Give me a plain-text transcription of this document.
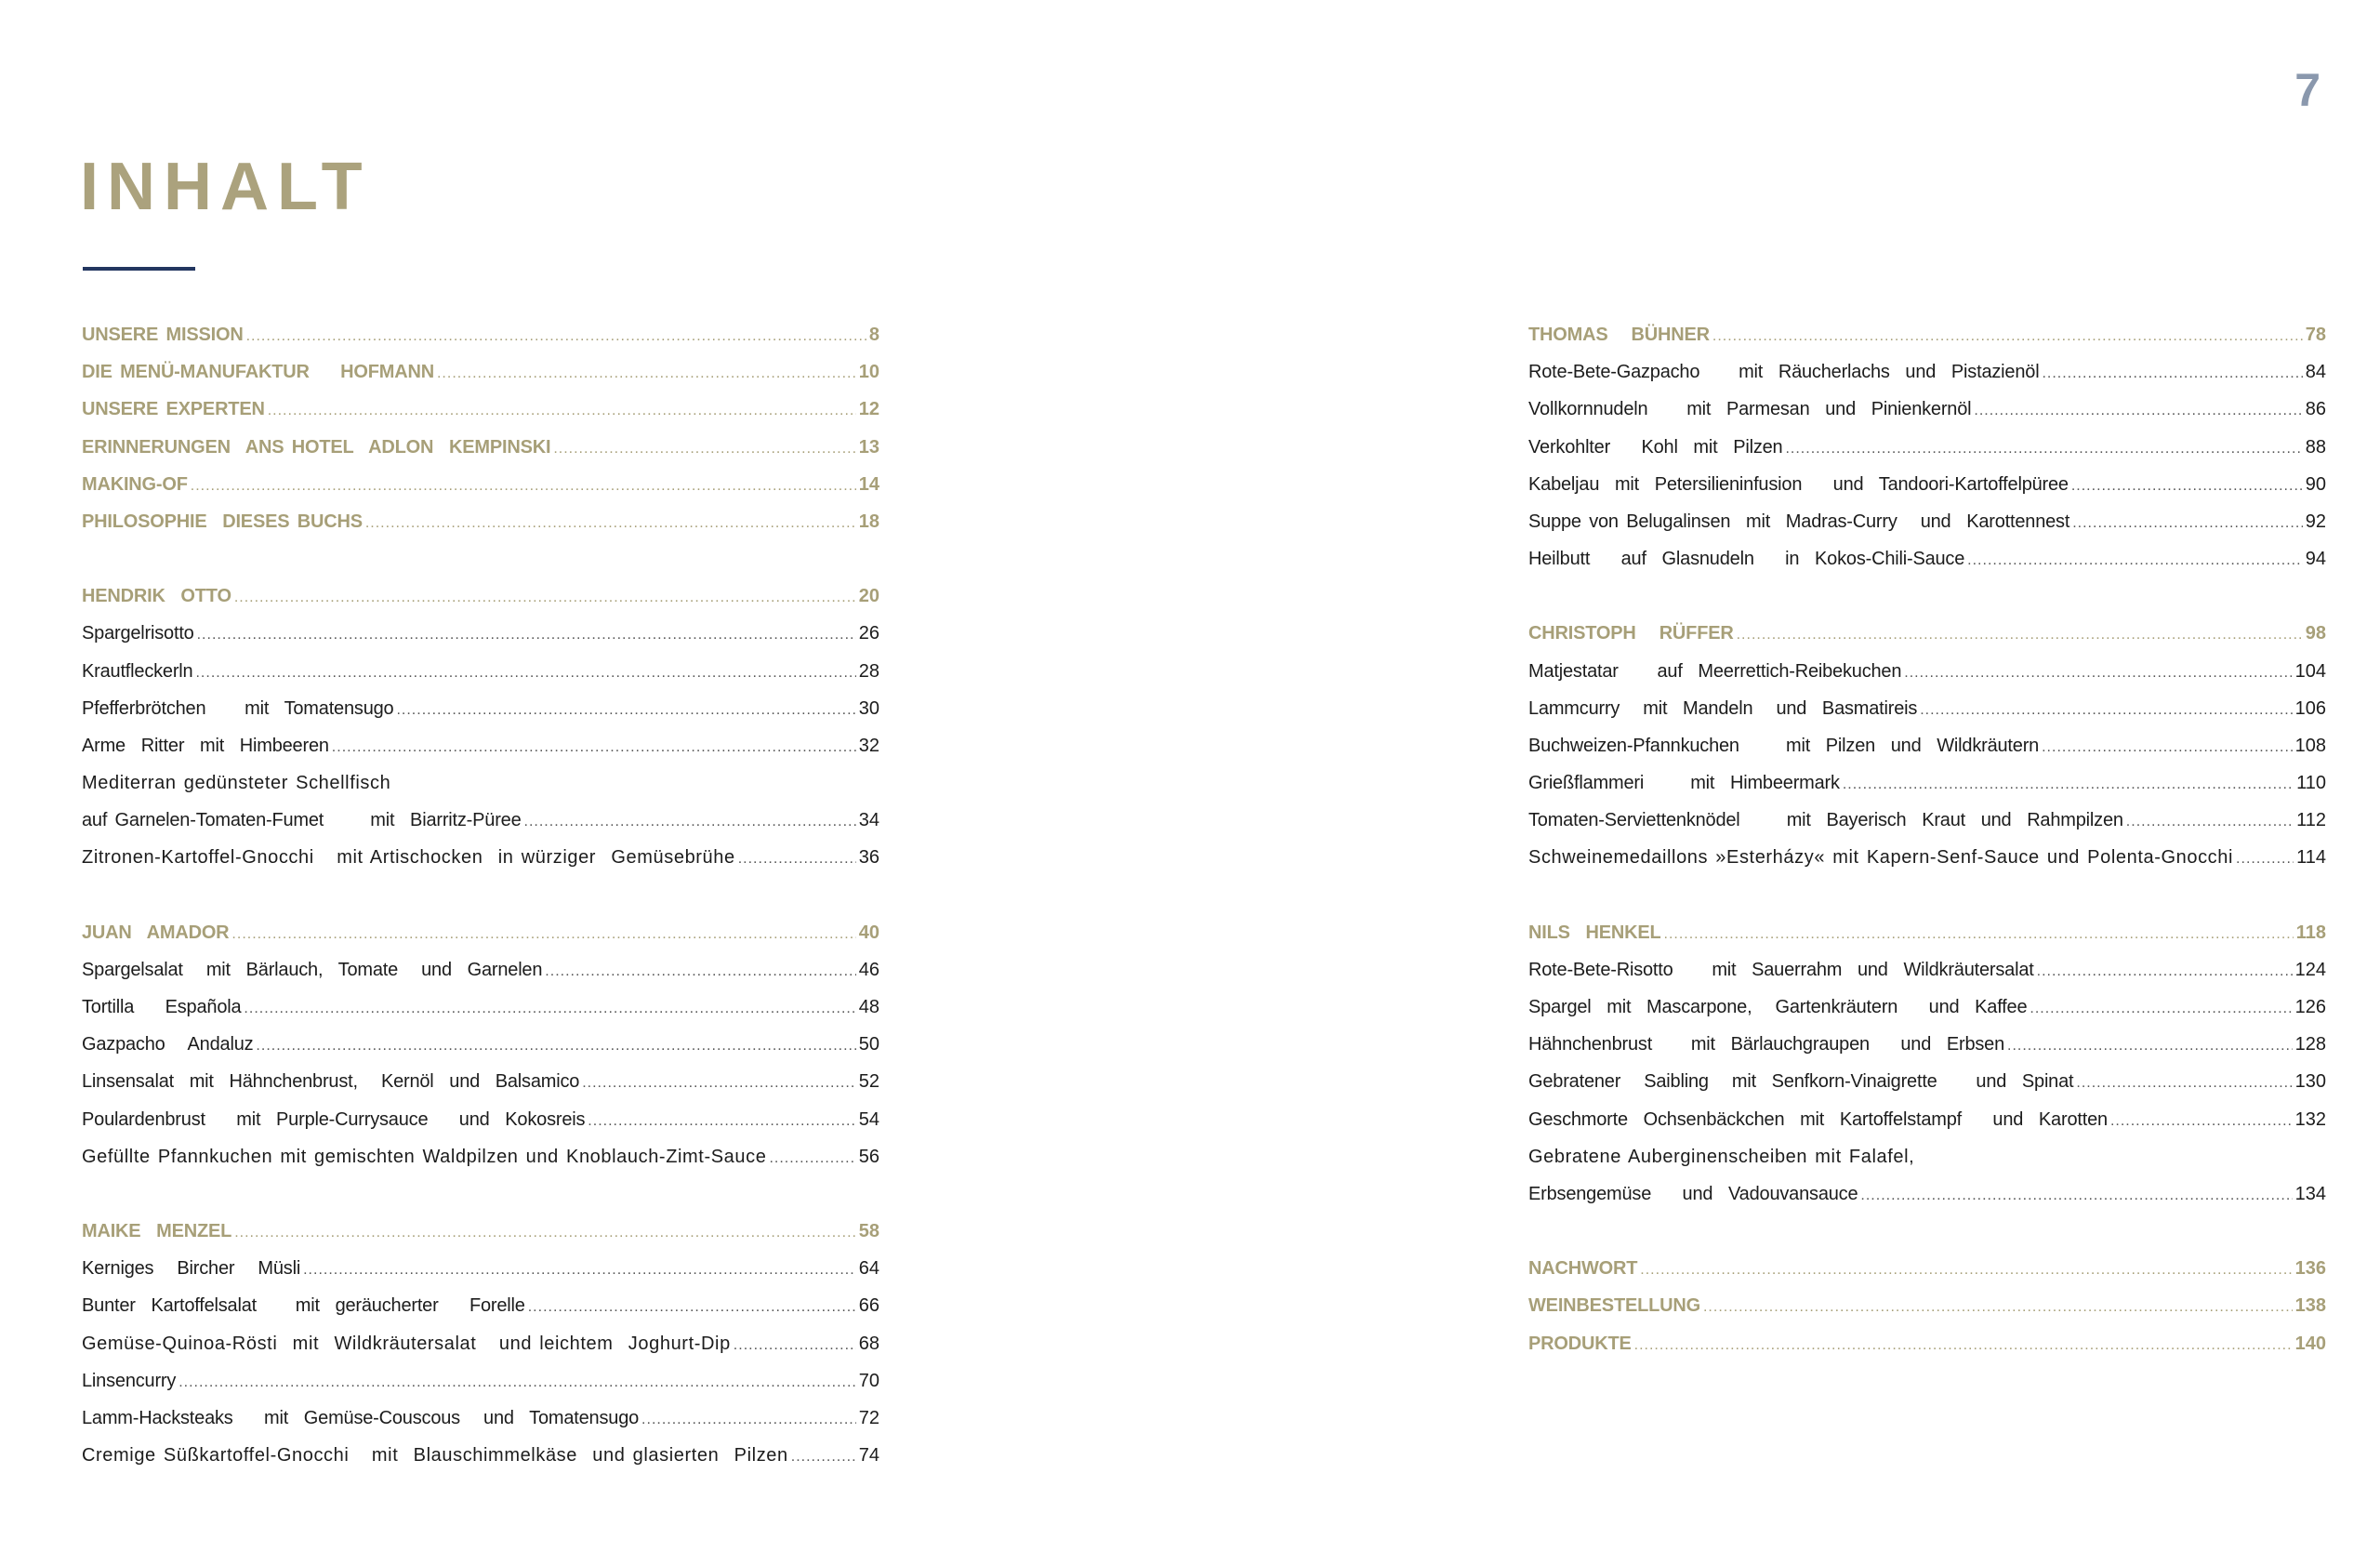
7
INHALT
UNSERE MISSION .....	8
DIE MENÜ-MANUFAKTUR    HOFMANN .....	10
UNSERE EXPERTEN .....	12
ERINNERUNGEN  ANS HOTEL  ADLON  KEMPINSKI .....	13
MAKING-OF .....	14
PHILOSOPHIE  DIESES BUCHS .....	18
HENDRIK  OTTO .....	20
Spargelrisotto .....	26
Krautfleckerln .....	28
Pfefferbrötchen     mit  Tomatensugo .....	30
Arme  Ritter  mit  Himbeeren .....	32
Mediterran gedünsteter Schellfisch
auf Garnelen-Tomaten-Fumet      mit  Biarritz-Püree .....	34
Zitronen-Kartoffel-Gnocchi   mit Artischocken  in würziger  Gemüsebrühe .....	36
JUAN  AMADOR .....	40
Spargelsalat   mit  Bärlauch,  Tomate   und  Garnelen .....	46
Tortilla    Española .....	48
Gazpacho   Andaluz .....	50
Linsensalat  mit  Hähnchenbrust,   Kernöl  und  Balsamico .....	52
Poulardenbrust    mit  Purple-Currysauce    und  Kokosreis .....	54
Gefüllte Pfannkuchen mit gemischten Waldpilzen und Knoblauch-Zimt-Sauce .....	56
MAIKE  MENZEL .....	58
Kerniges   Bircher   Müsli .....	64
Bunter  Kartoffelsalat     mit  geräucherter    Forelle .....	66
Gemüse-Quinoa-Rösti  mit  Wildkräutersalat   und leichtem  Joghurt-Dip .....	68
Linsencurry .....	70
Lamm-Hacksteaks    mit  Gemüse-Couscous   und  Tomatensugo .....	72
Cremige Süßkartoffel-Gnocchi   mit  Blauschimmelkäse  und glasierten  Pilzen .....	74
THOMAS   BÜHNER .....	78
Rote-Bete-Gazpacho     mit  Räucherlachs  und  Pistazienöl .....	84
Vollkornnudeln     mit  Parmesan  und  Pinienkernöl .....	86
Verkohlter    Kohl  mit  Pilzen .....	88
Kabeljau  mit  Petersilieninfusion    und  Tandoori-Kartoffelpüree .....	90
Suppe von Belugalinsen  mit  Madras-Curry   und  Karottennest .....	92
Heilbutt    auf  Glasnudeln    in  Kokos-Chili-Sauce .....	94
CHRISTOPH   RÜFFER .....	98
Matjestatar     auf  Meerrettich-Reibekuchen .....	104
Lammcurry   mit  Mandeln   und  Basmatireis .....	106
Buchweizen-Pfannkuchen      mit  Pilzen  und  Wildkräutern .....	108
Grießflammeri      mit  Himbeermark .....	110
Tomaten-Serviettenknödel      mit  Bayerisch  Kraut  und  Rahmpilzen .....	112
Schweinemedaillons »Esterházy« mit Kapern-Senf-Sauce und Polenta-Gnocchi .....	114
NILS  HENKEL .....	118
Rote-Bete-Risotto     mit  Sauerrahm  und  Wildkräutersalat .....	124
Spargel  mit  Mascarpone,   Gartenkräutern    und  Kaffee .....	126
Hähnchenbrust     mit  Bärlauchgraupen    und  Erbsen .....	128
Gebratener   Saibling   mit  Senfkorn-Vinaigrette     und  Spinat .....	130
Geschmorte  Ochsenbäckchen  mit  Kartoffelstampf    und  Karotten .....	132
Gebratene Auberginenscheiben mit Falafel,
Erbsengemüse    und  Vadouvansauce .....	134
NACHWORT .....	136
WEINBESTELLUNG .....	138
PRODUKTE .....	140
